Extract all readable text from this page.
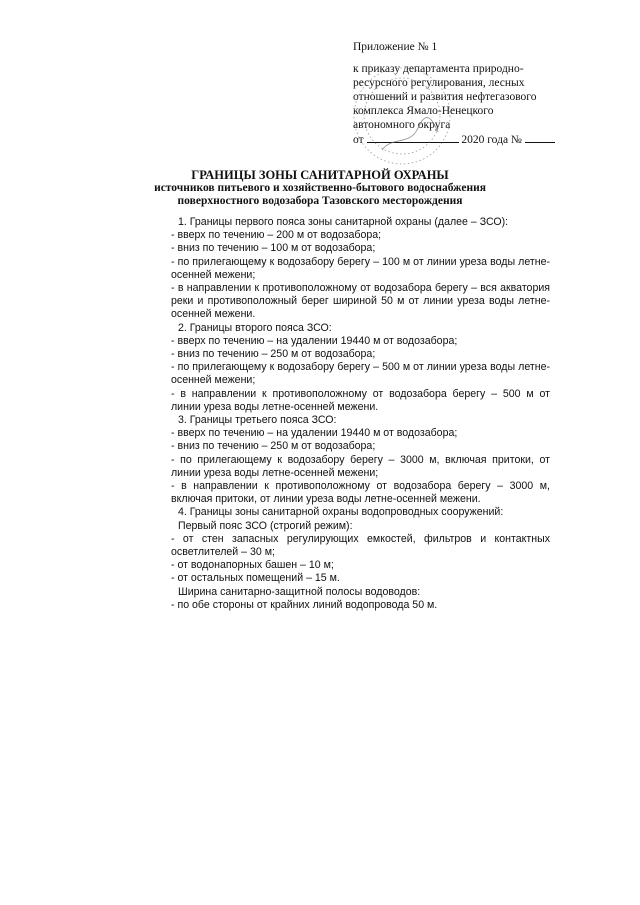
Приложение № 1
к приказу департамента природно-
ресурсного регулирования, лесных
отношений и развития нефтегазового
комплекса Ямало-Ненецкого
автономного округа
от	2020 года №
ГРАНИЦЫ ЗОНЫ САНИТАРНОЙ ОХРАНЫ
источников питьевого и хозяйственно-бытового водоснабжения
поверхностного водозабора Тазовского месторождения

1. Границы первого пояса зоны санитарной охраны (далее – ЗСО):

- вверх по течению – 200 м от водозабора;

- вниз по течению – 100 м от водозабора;

- по прилегающему к водозабору берегу – 100 м от линии уреза воды летне-осенней межени;

- в направлении к противоположному от водозабора берегу – вся акватория реки и противоположный берег шириной 50 м от линии уреза воды летне-осенней межени.

2. Границы второго пояса ЗСО:

- вверх по течению – на удалении 19440 м от водозабора;

- вниз по течению – 250 м от водозабора;

- по прилегающему к водозабору берегу – 500 м от линии уреза воды летне-осенней межени;

- в направлении к противоположному от водозабора берегу – 500 м от линии уреза воды летне-осенней межени.

3. Границы третьего пояса ЗСО:

- вверх по течению – на удалении 19440 м от водозабора;

- вниз по течению – 250 м от водозабора;

- по прилегающему к водозабору берегу – 3000 м, включая притоки, от линии уреза воды летне-осенней межени;

- в направлении к противоположному от водозабора берегу – 3000 м, включая притоки, от линии уреза воды летне-осенней межени.

4. Границы зоны санитарной охраны водопроводных сооружений:

Первый пояс ЗСО (строгий режим):

- от стен запасных регулирующих емкостей, фильтров и контактных осветлителей – 30 м;

- от водонапорных башен – 10 м;

- от остальных помещений – 15 м.

Ширина санитарно-защитной полосы водоводов:

- по обе стороны от крайних линий водопровода 50 м.
